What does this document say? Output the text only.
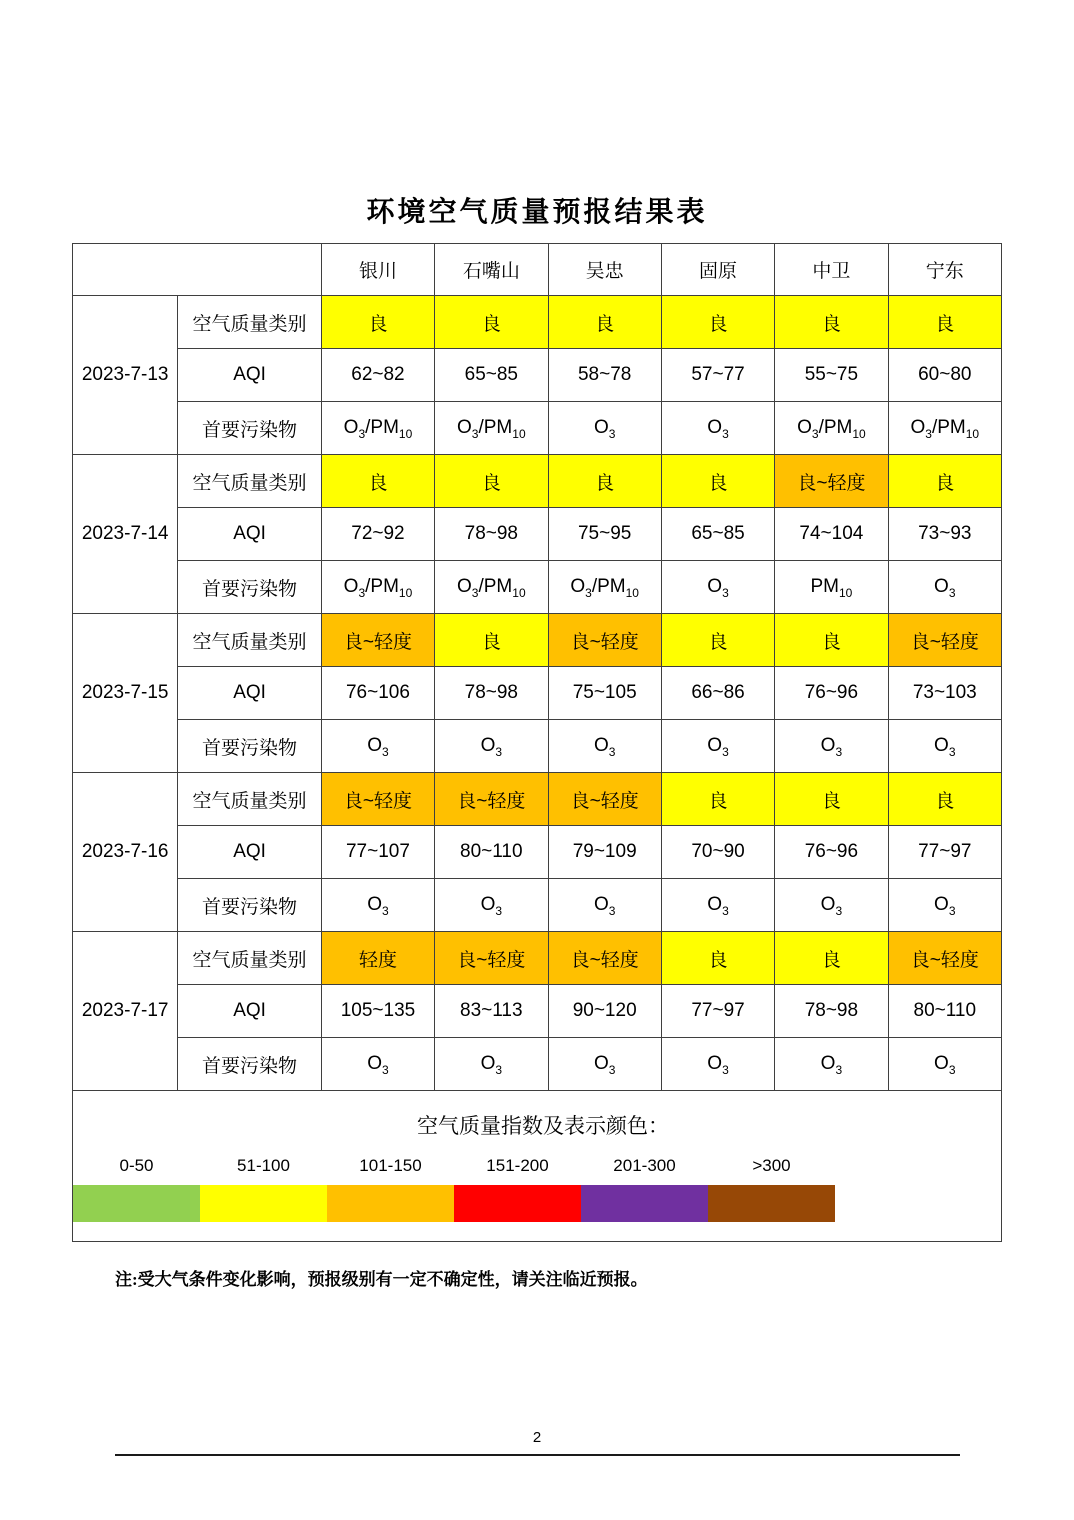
环境空气质量预报结果表
		银川	石嘴山	吴忠	固原	中卫	宁东
2023-7-13	空气质量类别	良	良	良	良	良	良
	AQI	62~82	65~85	58~78	57~77	55~75	60~80
	首要污染物	$O_3/PM_{10}$	$O_3/PM_{10}$	$O_3$	$O_3$	$O_3/PM_{10}$	$O_3/PM_{10}$
2023-7-14	空气质量类别	良	良	良	良	良~轻度	良
	AQI	72~92	78~98	75~95	65~85	74~104	73~93
	首要污染物	$O_3/PM_{10}$	$O_3/PM_{10}$	$O_3/PM_{10}$	$O_3$	$PM_{10}$	$O_3$
2023-7-15	空气质量类别	良~轻度	良	良~轻度	良	良	良~轻度
	AQI	76~106	78~98	75~105	66~86	76~96	73~103
	首要污染物	$O_3$	$O_3$	$O_3$	$O_3$	$O_3$	$O_3$
2023-7-16	空气质量类别	良~轻度	良~轻度	良~轻度	良	良	良
	AQI	77~107	80~110	79~109	70~90	76~96	77~97
	首要污染物	$O_3$	$O_3$	$O_3$	$O_3$	$O_3$	$O_3$
2023-7-17	空气质量类别	轻度	良~轻度	良~轻度	良	良	良~轻度
	AQI	105~135	83~113	90~120	77~97	78~98	80~110
	首要污染物	$O_3$	$O_3$	$O_3$	$O_3$	$O_3$	$O_3$

空气质量指数及表示颜色：
0-50	51-100	101-150	151-200	201-300	>300
注:受大气条件变化影响，预报级别有一定不确定性，请关注临近预报。
2
